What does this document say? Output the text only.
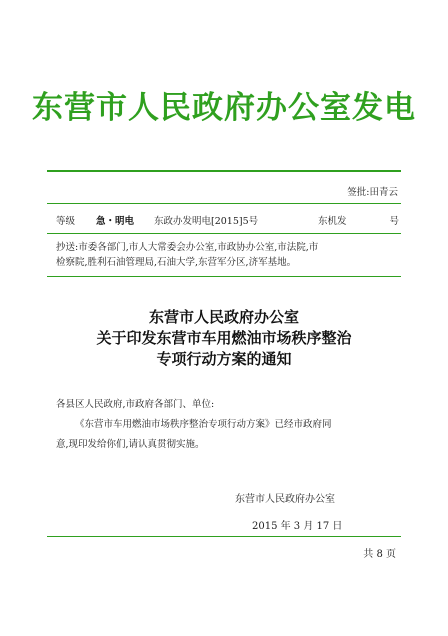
东营市人民政府办公室发电
签批:田青云
等级 急・明电 东政办发明电[2015]5号	东机发	号
抄送:市委各部门,市人大常委会办公室,市政协办公室,市法院,市
检察院,胜利石油管理局,石油大学,东营军分区,济军基地。
东营市人民政府办公室
关于印发东营市车用燃油市场秩序整治
专项行动方案的通知
各县区人民政府,市政府各部门、单位:
《东营市车用燃油市场秩序整治专项行动方案》已经市政府同
意,现印发给你们,请认真贯彻实施。
东营市人民政府办公室
2015 年 3 月 17 日
共 8 页
